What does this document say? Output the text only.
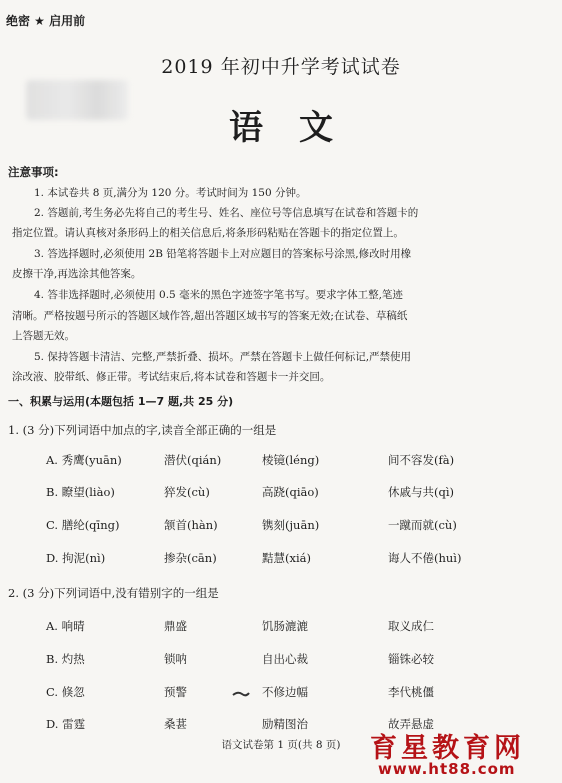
绝密 ★ 启用前
2019 年初中升学考试试卷
语文
注意事项:
1. 本试卷共 8 页,满分为 120 分。考试时间为 150 分钟。
2. 答题前,考生务必先将自己的考生号、姓名、座位号等信息填写在试卷和答题卡的
指定位置。请认真核对条形码上的相关信息后,将条形码粘贴在答题卡的指定位置上。
3. 答选择题时,必须使用 2B 铅笔将答题卡上对应题目的答案标号涂黑,修改时用橡
皮擦干净,再选涂其他答案。
4. 答非选择题时,必须使用 0.5 毫米的黑色字迹签字笔书写。要求字体工整,笔迹
清晰。严格按题号所示的答题区域作答,超出答题区域书写的答案无效;在试卷、草稿纸
上答题无效。
5. 保持答题卡清洁、完整,严禁折叠、损坏。严禁在答题卡上做任何标记,严禁使用
涂改液、胶带纸、修正带。考试结束后,将本试卷和答题卡一并交回。
一、积累与运用(本题包括 1—7 题,共 25 分)
1. (3 分)下列词语中加点的字,读音全部正确的一组是
A. 秀鹰(yuān)	潜伏(qián)	棱镜(léng)	间不容发(fà)
B. 瞭望(liào)	猝发(cù)	高跷(qiāo)	休戚与共(qì)
C. 膳纶(qīng)	颔首(hàn)	镌刻(juān)	一蹴而就(cù)
D. 拘泥(nì)	掺杂(cān)	黠慧(xiá)	诲人不倦(huì)
2. (3 分)下列词语中,没有错别字的一组是
A. 响晴	鼎盛	饥肠漉漉	取义成仁
B. 灼热	锁呐	自出心裁	锱铢必较
C. 倏忽	预警	不修边幅	李代桃僵
D. 雷霆	桑葚	励精图治	故弄悬虚
语文试卷第 1 页(共 8 页)	育星教育网
www.ht88.com
